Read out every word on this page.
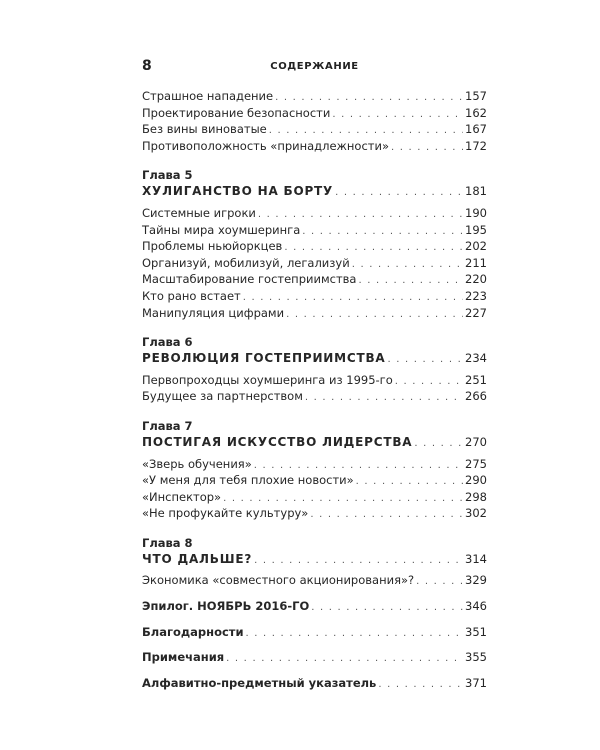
8	СОДЕРЖАНИЕ
Страшное нападение . . .	157
Проектирование безопасности . . .	162
Без вины виноватые . . .	167
Противоположность «принадлежности» . . .	172
Глава 5
ХУЛИГАНСТВО НА БОРТУ . . .	181
Системные игроки . . .	190
Тайны мира хоумшеринга . . .	195
Проблемы ньюйоркцев . . .	202
Организуй, мобилизуй, легализуй . . .	211
Масштабирование гостеприимства . . .	220
Кто рано встает . . .	223
Манипуляция цифрами . . .	227
Глава 6
РЕВОЛЮЦИЯ ГОСТЕПРИИМСТВА . . .	234
Первопроходцы хоумшеринга из 1995-го . . .	251
Будущее за партнерством . . .	266
Глава 7
ПОСТИГАЯ ИСКУССТВО ЛИДЕРСТВА . . .	270
«Зверь обучения» . . .	275
«У меня для тебя плохие новости» . . .	290
«Инспектор» . . .	298
«Не профукайте культуру» . . .	302
Глава 8
ЧТО ДАЛЬШЕ? . . .	314
Экономика «совместного акционирования»? . . .	329
Эпилог. НОЯБРЬ 2016-ГО . . .	346
Благодарности . . .	351
Примечания . . .	355
Алфавитно-предметный указатель . . .	371
